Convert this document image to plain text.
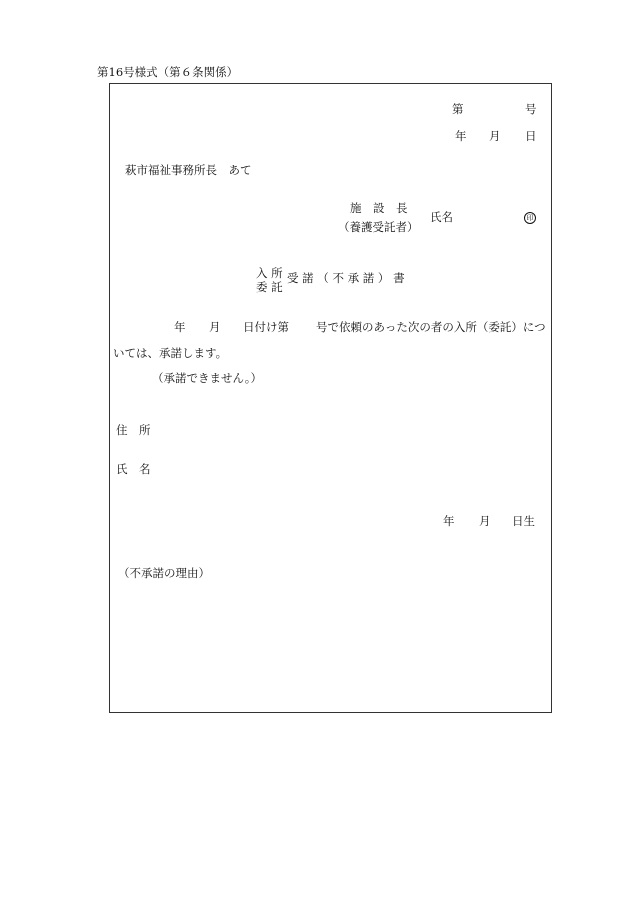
第16号様式（第６条関係）
第	号
年 月 日
萩市福祉事務所長　あて
施　設　長
（養護受託者）
氏名	印
入 所
委 託
受 諾 （ 不 承 諾 ） 書
年 月 日付け第 号で依頼のあった次の者の入所（委託）につ
いては、承諾します。
（承諾できません。）
住　所
氏　名
年 月 日生
（不承諾の理由）
